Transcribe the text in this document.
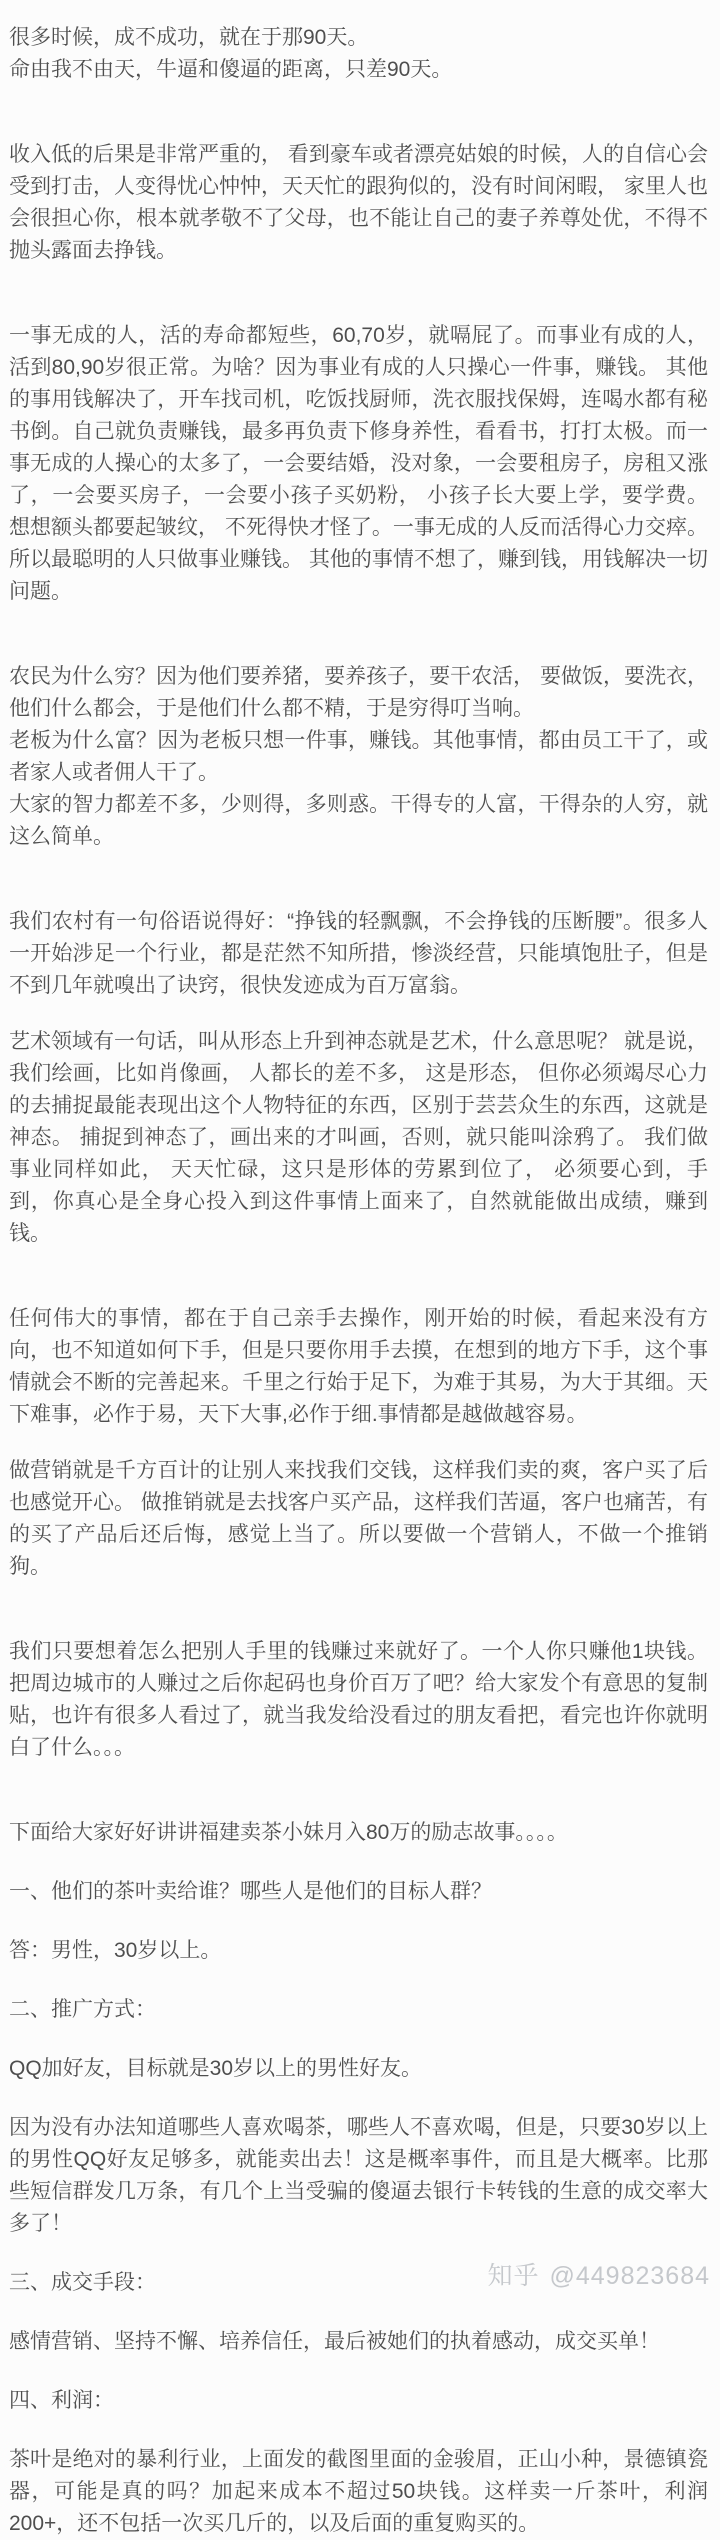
很多时候，成不成功，就在于那90天。
命由我不由天，牛逼和傻逼的距离，只差90天。

收入低的后果是非常严重的， 看到豪车或者漂亮姑娘的时候，人的自信心会受到打击，人变得忧心忡忡，天天忙的跟狗似的，没有时间闲暇， 家里人也会很担心你，根本就孝敬不了父母，也不能让自己的妻子养尊处优，不得不抛头露面去挣钱。

一事无成的人，活的寿命都短些，60,70岁，就嗝屁了。而事业有成的人，活到80,90岁很正常。为啥？因为事业有成的人只操心一件事，赚钱。 其他的事用钱解决了，开车找司机，吃饭找厨师，洗衣服找保姆，连喝水都有秘书倒。自己就负责赚钱，最多再负责下修身养性，看看书，打打太极。而一事无成的人操心的太多了，一会要结婚，没对象，一会要租房子，房租又涨了，一会要买房子，一会要小孩子买奶粉， 小孩子长大要上学，要学费。 想想额头都要起皱纹， 不死得快才怪了。一事无成的人反而活得心力交瘁。 所以最聪明的人只做事业赚钱。 其他的事情不想了，赚到钱，用钱解决一切问题。

农民为什么穷？因为他们要养猪，要养孩子，要干农活， 要做饭，要洗衣，他们什么都会，于是他们什么都不精，于是穷得叮当响。
老板为什么富？因为老板只想一件事，赚钱。其他事情，都由员工干了，或者家人或者佣人干了。
大家的智力都差不多，少则得，多则惑。干得专的人富，干得杂的人穷，就这么简单。

我们农村有一句俗语说得好：“挣钱的轻飘飘，不会挣钱的压断腰”。很多人一开始涉足一个行业，都是茫然不知所措，惨淡经营，只能填饱肚子，但是不到几年就嗅出了诀窍，很快发迹成为百万富翁。

艺术领域有一句话，叫从形态上升到神态就是艺术，什么意思呢？ 就是说，我们绘画，比如肖像画， 人都长的差不多， 这是形态， 但你必须竭尽心力的去捕捉最能表现出这个人物特征的东西，区别于芸芸众生的东西，这就是神态。 捕捉到神态了，画出来的才叫画，否则，就只能叫涂鸦了。 我们做事业同样如此， 天天忙碌，这只是形体的劳累到位了， 必须要心到，手到，你真心是全身心投入到这件事情上面来了，自然就能做出成绩，赚到钱。

任何伟大的事情，都在于自己亲手去操作，刚开始的时候，看起来没有方向，也不知道如何下手，但是只要你用手去摸，在想到的地方下手，这个事情就会不断的完善起来。千里之行始于足下，为难于其易，为大于其细。天下难事，必作于易，天下大事,必作于细.事情都是越做越容易。

做营销就是千方百计的让别人来找我们交钱，这样我们卖的爽，客户买了后也感觉开心。 做推销就是去找客户买产品，这样我们苦逼，客户也痛苦，有的买了产品后还后悔，感觉上当了。所以要做一个营销人，不做一个推销狗。

我们只要想着怎么把别人手里的钱赚过来就好了。一个人你只赚他1块钱。把周边城市的人赚过之后你起码也身价百万了吧？给大家发个有意思的复制贴，也许有很多人看过了，就当我发给没看过的朋友看把，看完也许你就明白了什么。。。

下面给大家好好讲讲福建卖茶小妹月入80万的励志故事。。。。

一、他们的茶叶卖给谁？哪些人是他们的目标人群？

答：男性，30岁以上。

二、推广方式：

QQ加好友，目标就是30岁以上的男性好友。

因为没有办法知道哪些人喜欢喝茶，哪些人不喜欢喝，但是，只要30岁以上的男性QQ好友足够多，就能卖出去！这是概率事件，而且是大概率。比那些短信群发几万条，有几个上当受骗的傻逼去银行卡转钱的生意的成交率大多了！

三、成交手段：

感情营销、坚持不懈、培养信任，最后被她们的执着感动，成交买单！

四、利润：

茶叶是绝对的暴利行业，上面发的截图里面的金骏眉，正山小种，景德镇瓷器，可能是真的吗？加起来成本不超过50块钱。这样卖一斤茶叶，利润200+，还不包括一次买几斤的，以及后面的重复购买的。

知乎 @449823684
